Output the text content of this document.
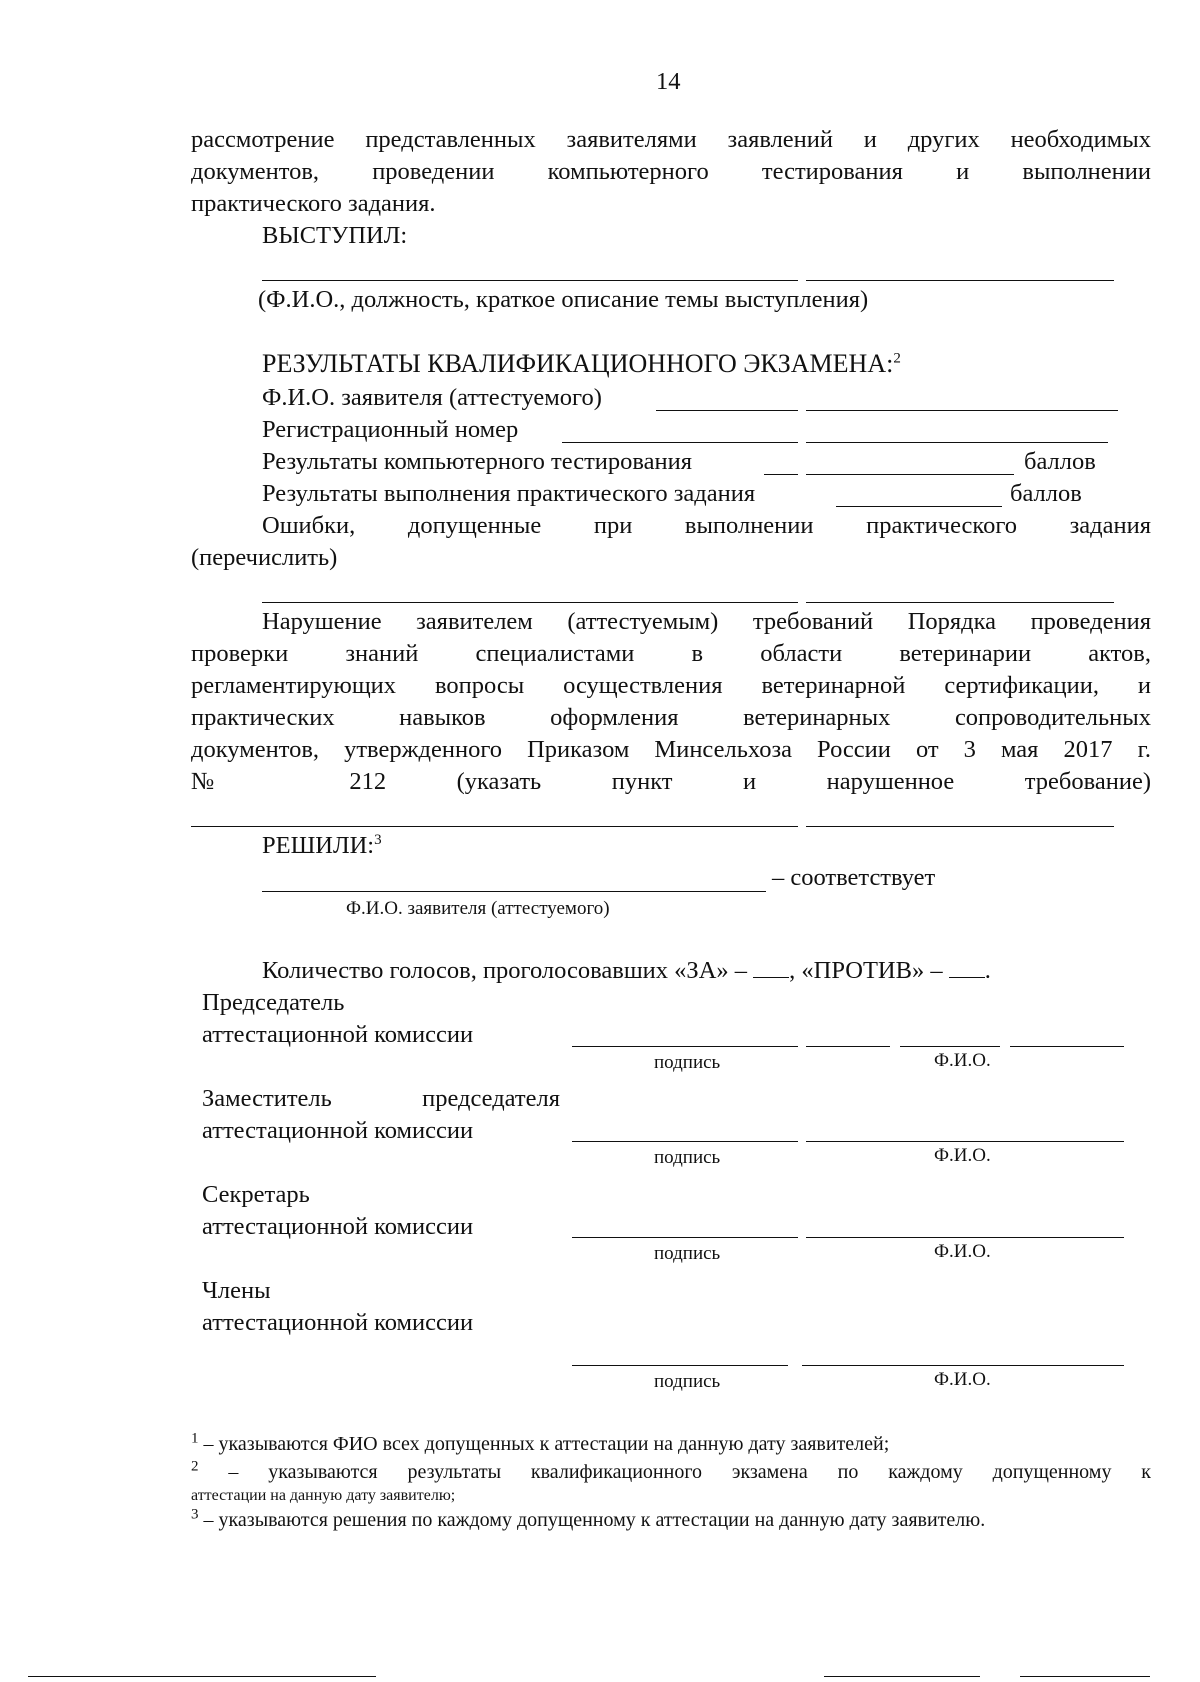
14
рассмотрение представленных заявителями заявлений и других необходимых
документов, проведении компьютерного тестирования и выполнении
практического задания.
ВЫСТУПИЛ:
(Ф.И.О., должность, краткое описание темы выступления)
РЕЗУЛЬТАТЫ КВАЛИФИКАЦИОННОГО ЭКЗАМЕНА:$^2$
Ф.И.О. заявителя (аттестуемого)
Регистрационный номер
Результаты компьютерного тестирования	баллов
Результаты выполнения практического задания	баллов
Ошибки, допущенные при выполнении практического задания
(перечислить)
Нарушение заявителем (аттестуемым) требований Порядка проведения
проверки знаний специалистами в области ветеринарии актов,
регламентирующих вопросы осуществления ветеринарной сертификации, и
практических навыков оформления ветеринарных сопроводительных
документов, утвержденного Приказом Минсельхоза России от 3 мая 2017 г.
№ 212 (указать пункт и нарушенное требование)
РЕШИЛИ:$^3$
– соответствует
Ф.И.О. заявителя (аттестуемого)
Количество голосов, проголосовавших «ЗА» – , «ПРОТИВ» – .
Председатель
аттестационной комиссии
подпись	Ф.И.О.
Заместитель председателя
аттестационной комиссии
подпись	Ф.И.О.
Секретарь
аттестационной комиссии
подпись	Ф.И.О.
Члены
аттестационной комиссии
подпись	Ф.И.О.
$^1$ – указываются ФИО всех допущенных к аттестации на данную дату заявителей;
$^2$ – указываются результаты квалификационного экзамена по каждому допущенному к
аттестации на данную дату заявителю;
$^3$ – указываются решения по каждому допущенному к аттестации на данную дату заявителю.
